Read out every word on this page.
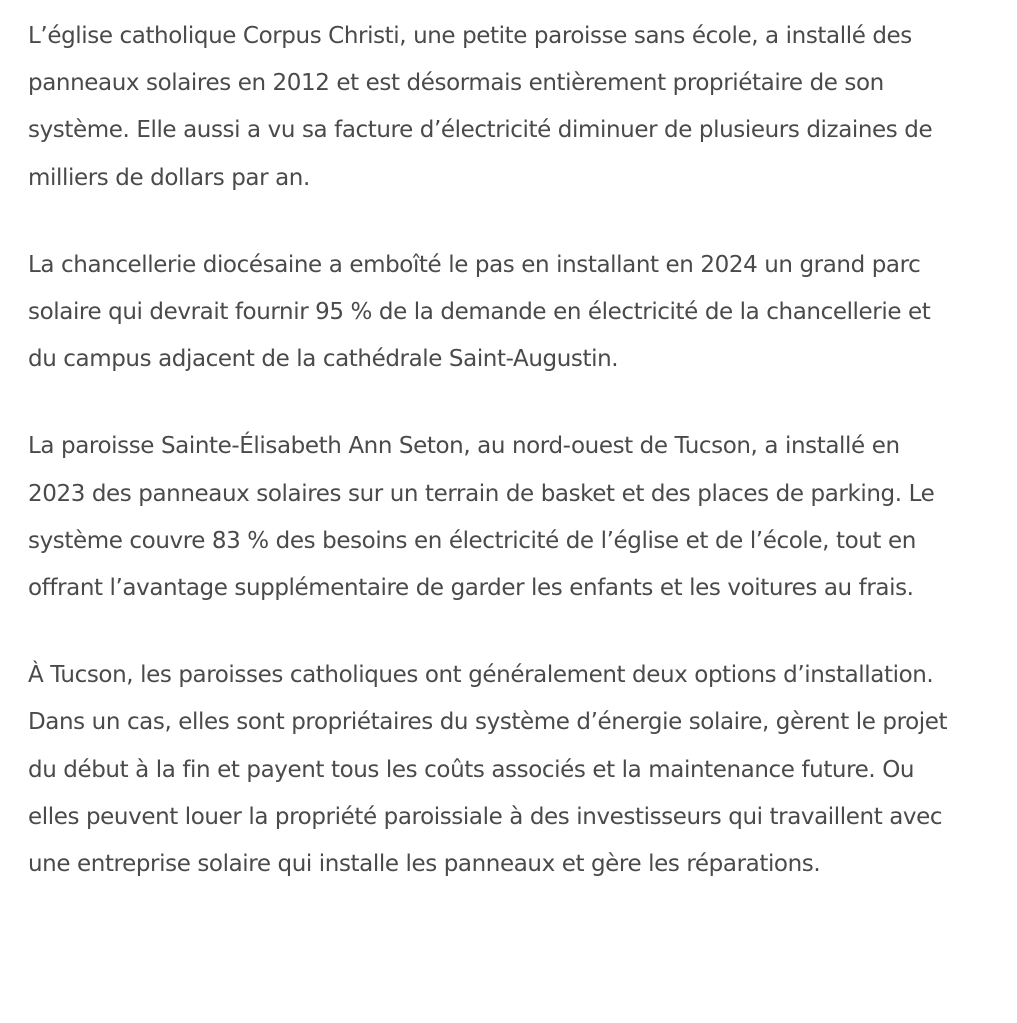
L’église catholique Corpus Christi, une petite paroisse sans école, a installé des panneaux solaires en 2012 et est désormais entièrement propriétaire de son système. Elle aussi a vu sa facture d’électricité diminuer de plusieurs dizaines de milliers de dollars par an.

La chancellerie diocésaine a emboîté le pas en installant en 2024 un grand parc solaire qui devrait fournir 95 % de la demande en électricité de la chancellerie et du campus adjacent de la cathédrale Saint-Augustin.

La paroisse Sainte-Élisabeth Ann Seton, au nord-ouest de Tucson, a installé en 2023 des panneaux solaires sur un terrain de basket et des places de parking. Le système couvre 83 % des besoins en électricité de l’église et de l’école, tout en offrant l’avantage supplémentaire de garder les enfants et les voitures au frais.

À Tucson, les paroisses catholiques ont généralement deux options d’installation. Dans un cas, elles sont propriétaires du système d’énergie solaire, gèrent le projet du début à la fin et payent tous les coûts associés et la maintenance future. Ou elles peuvent louer la propriété paroissiale à des investisseurs qui travaillent avec une entreprise solaire qui installe les panneaux et gère les réparations.
